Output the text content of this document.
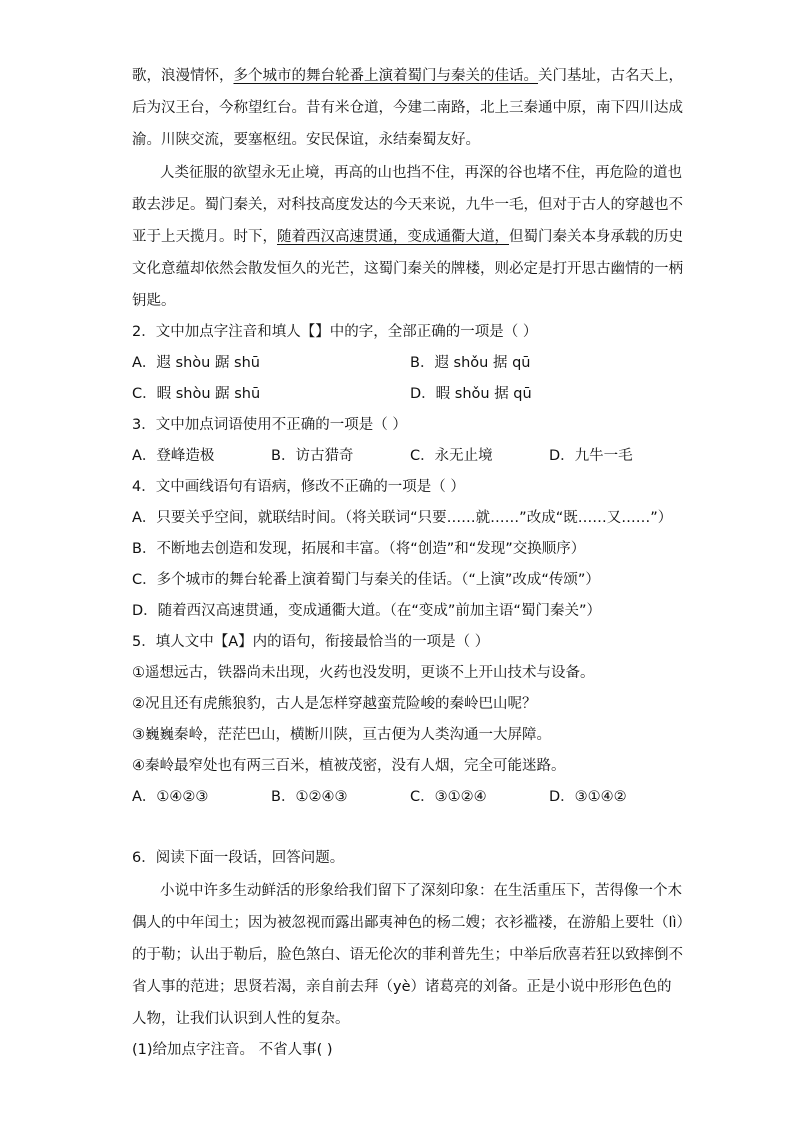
歌，浪漫情怀，多个城市的舞台轮番上演着蜀门与秦关的佳话。关门基址，古名天上，
后为汉王台，今称望红台。昔有米仓道，今建二南路，北上三秦通中原，南下四川达成
渝。川陕交流，要塞枢纽。安民保谊，永结秦蜀友好。
人类征服的欲望永无止境，再高的山也挡不住，再深的谷也堵不住，再危险的道也
敢去涉足。蜀门秦关，对科技高度发达的今天来说，九牛一毛，但对于古人的穿越也不
亚于上天揽月。时下，随着西汉高速贯通，变成通衢大道，但蜀门秦关本身承载的历史
文化意蕴却依然会散发恒久的光芒，这蜀门秦关的牌楼，则必定是打开思古幽情的一柄
钥匙。
2．文中加点字注音和填人【】中的字，全部正确的一项是（ ）
A．遐 shòu 踞 shū	B．遐 shǒu 据 qū
C．暇 shòu 踞 shū	D．暇 shǒu 据 qū
3．文中加点词语使用不正确的一项是（ ）
A．登峰造极	B．访古猎奇	C．永无止境	D．九牛一毛
4．文中画线语句有语病，修改不正确的一项是（ ）
A．只要关乎空间，就联结时间。（将关联词“只要……就……”改成“既……又……”）
B．不断地去创造和发现，拓展和丰富。（将“创造”和“发现”交换顺序）
C．多个城市的舞台轮番上演着蜀门与秦关的佳话。（“上演”改成“传颂”）
D．随着西汉高速贯通，变成通衢大道。（在“变成”前加主语“蜀门秦关”）
5．填人文中【A】内的语句，衔接最恰当的一项是（ ）
①遥想远古，铁器尚未出现，火药也没发明，更谈不上开山技术与设备。
②况且还有虎熊狼豹，古人是怎样穿越蛮荒险峻的秦岭巴山呢？
③巍巍秦岭，茫茫巴山，横断川陕，亘古便为人类沟通一大屏障。
④秦岭最窄处也有两三百米，植被茂密，没有人烟，完全可能迷路。
A．①④②③	B．①②④③	C．③①②④	D．③①④②
6．阅读下面一段话，回答问题。
小说中许多生动鲜活的形象给我们留下了深刻印象：在生活重压下，苦得像一个木
偶人的中年闰土；因为被忽视而露出鄙夷神色的杨二嫂；衣衫褴褛，在游船上要牡（lì）
的于勒；认出于勒后，脸色煞白、语无伦次的菲利普先生；中举后欣喜若狂以致摔倒不
省人事的范进；思贤若渴，亲自前去拜（yè）诸葛亮的刘备。正是小说中形形色色的
人物，让我们认识到人性的复杂。
(1)给加点字注音。 不省人事( )
